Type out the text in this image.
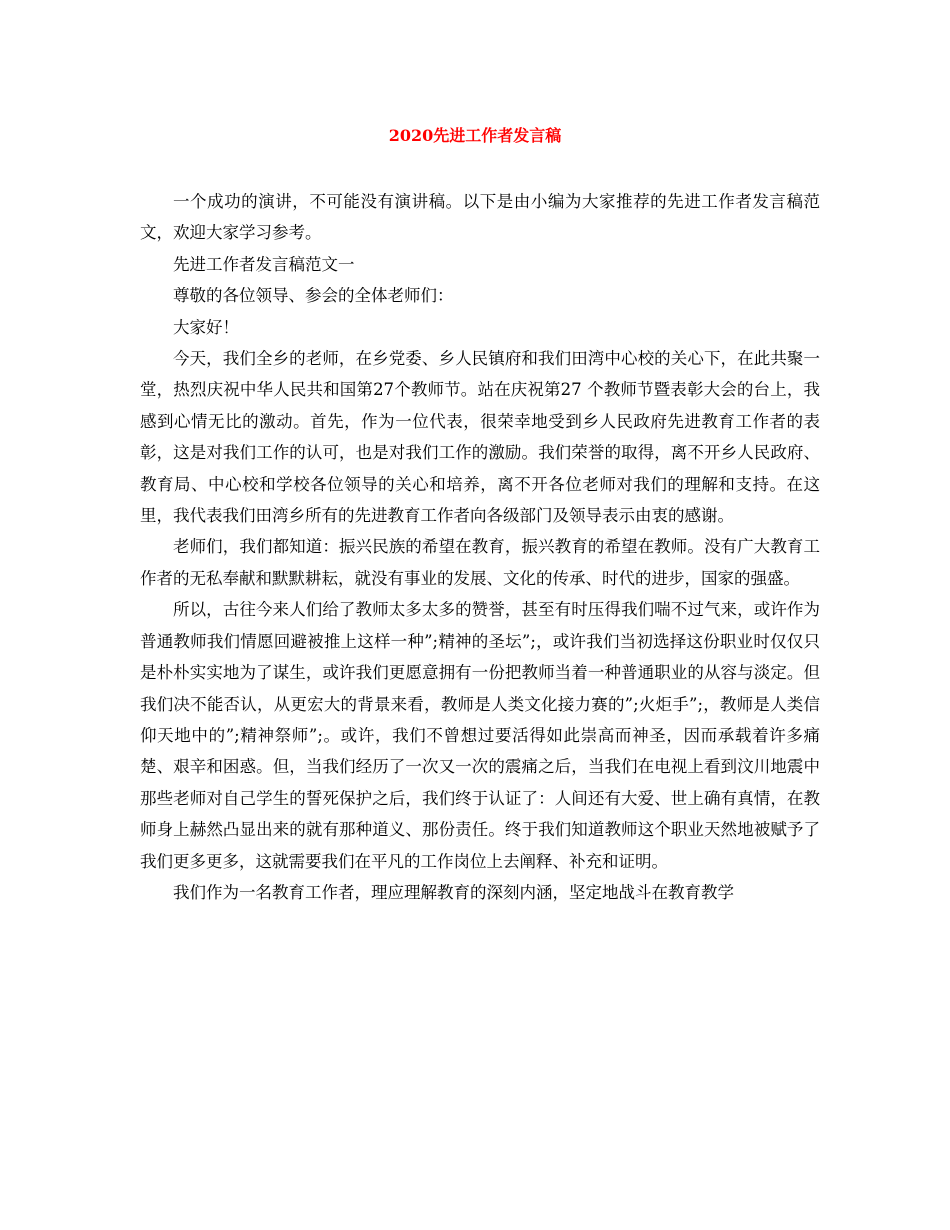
2020先进工作者发言稿

一个成功的演讲，不可能没有演讲稿。以下是由小编为大家推荐的先进工作者发言稿范文，欢迎大家学习参考。

先进工作者发言稿范文一

尊敬的各位领导、参会的全体老师们：

大家好！

今天，我们全乡的老师，在乡党委、乡人民镇府和我们田湾中心校的关心下，在此共聚一堂，热烈庆祝中华人民共和国第27个教师节。站在庆祝第27 个教师节暨表彰大会的台上，我感到心情无比的激动。首先，作为一位代表，很荣幸地受到乡人民政府先进教育工作者的表彰，这是对我们工作的认可，也是对我们工作的激励。我们荣誉的取得，离不开乡人民政府、教育局、中心校和学校各位领导的关心和培养，离不开各位老师对我们的理解和支持。在这里，我代表我们田湾乡所有的先进教育工作者向各级部门及领导表示由衷的感谢。

老师们，我们都知道：振兴民族的希望在教育，振兴教育的希望在教师。没有广大教育工作者的无私奉献和默默耕耘，就没有事业的发展、文化的传承、时代的进步，国家的强盛。

所以，古往今来人们给了教师太多太多的赞誉，甚至有时压得我们喘不过气来，或许作为普通教师我们情愿回避被推上这样一种”;精神的圣坛”;，或许我们当初选择这份职业时仅仅只是朴朴实实地为了谋生，或许我们更愿意拥有一份把教师当着一种普通职业的从容与淡定。但我们决不能否认，从更宏大的背景来看，教师是人类文化接力赛的”;火炬手”;，教师是人类信仰天地中的”;精神祭师”;。或许，我们不曾想过要活得如此崇高而神圣，因而承载着许多痛楚、艰辛和困惑。但，当我们经历了一次又一次的震痛之后，当我们在电视上看到汶川地震中那些老师对自己学生的誓死保护之后，我们终于认证了：人间还有大爱、世上确有真情，在教师身上赫然凸显出来的就有那种道义、那份责任。终于我们知道教师这个职业天然地被赋予了我们更多更多，这就需要我们在平凡的工作岗位上去阐释、补充和证明。

我们作为一名教育工作者，理应理解教育的深刻内涵，坚定地战斗在教育教学
